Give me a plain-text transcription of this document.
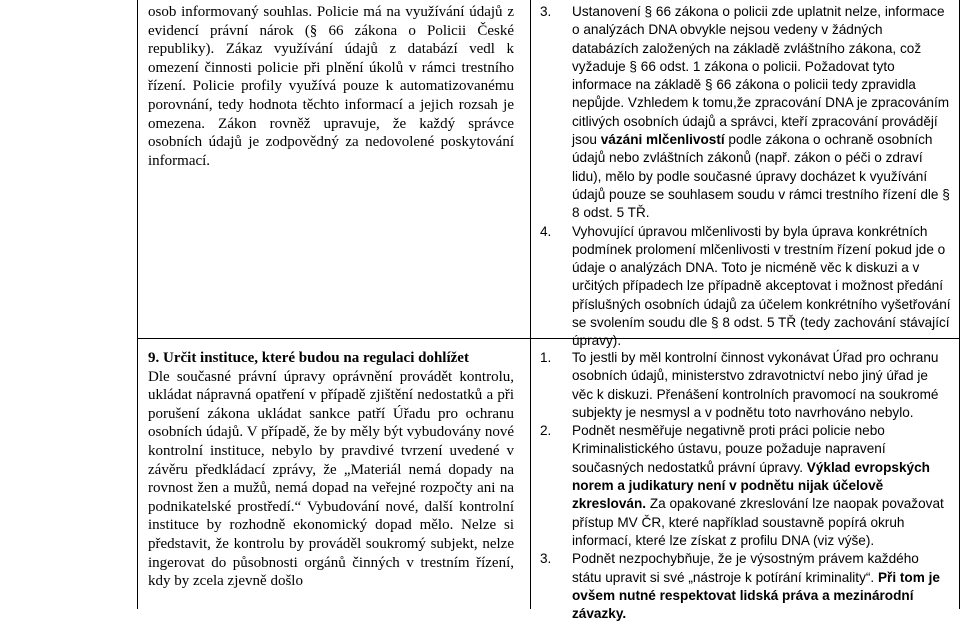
osob informovaný souhlas. Policie má na využívání údajů z evidencí právní nárok (§ 66 zákona o Policii České republiky). Zákaz využívání údajů z databází vedl k omezení činnosti policie při plnění úkolů v rámci trestního řízení. Policie profily využívá pouze k automatizovanému porovnání, tedy hodnota těchto informací a jejich rozsah je omezena. Zákon rovněž upravuje, že každý správce osobních údajů je zodpovědný za nedovolené poskytování informací.

3. Ustanovení § 66 zákona o policii zde uplatnit nelze, informace o analýzách DNA obvykle nejsou vedeny v žádných databázích založených na základě zvláštního zákona, což vyžaduje § 66 odst. 1 zákona o policii. Požadovat tyto informace na základě § 66 zákona o policii tedy zpravidla nepůjde. Vzhledem k tomu,že zpracování DNA je zpracováním citlivých osobních údajů a správci, kteří zpracování provádějí jsou vázáni mlčenlivostí podle zákona o ochraně osobních údajů nebo zvláštních zákonů (např. zákon o péči o zdraví lidu), mělo by podle současné úpravy docházet k využívání údajů pouze se souhlasem soudu v rámci trestního řízení dle § 8 odst. 5 TŘ.
4. Vyhovující úpravou mlčenlivosti by byla úprava konkrétních podmínek prolomení mlčenlivosti v trestním řízení pokud jde o údaje o analýzách DNA. Toto je nicméně věc k diskuzi a v určitých případech lze případně akceptovat i možnost předání příslušných osobních údajů za účelem konkrétního vyšetřování se svolením soudu dle § 8 odst. 5 TŘ (tedy zachování stávající úpravy).

9. Určit instituce, které budou na regulaci dohlížet

Dle současné právní úpravy oprávnění provádět kontrolu, ukládat nápravná opatření v případě zjištění nedostatků a při porušení zákona ukládat sankce patří Úřadu pro ochranu osobních údajů. V případě, že by měly být vybudovány nové kontrolní instituce, nebylo by pravdivé tvrzení uvedené v závěru předkládací zprávy, že „Materiál nemá dopady na rovnost žen a mužů, nemá dopad na veřejné rozpočty ani na podnikatelské prostředí.“ Vybudování nové, další kontrolní instituce by rozhodně ekonomický dopad mělo. Nelze si představit, že kontrolu by prováděl soukromý subjekt, nelze ingerovat do působnosti orgánů činných v trestním řízení, kdy by zcela zjevně došlo

1. To jestli by měl kontrolní činnost vykonávat Úřad pro ochranu osobních údajů, ministerstvo zdravotnictví nebo jiný úřad je věc k diskuzi. Přenášení kontrolních pravomocí na soukromé subjekty je nesmysl a v podnětu toto navrhováno nebylo.
2. Podnět nesměřuje negativně proti práci policie nebo Kriminalistického ústavu, pouze požaduje napravení současných nedostatků právní úpravy. Výklad evropských norem a judikatury není v podnětu nijak účelově zkreslován. Za opakované zkreslování lze naopak považovat přístup MV ČR, které například soustavně popírá okruh informací, které lze získat z profilu DNA (viz výše).
3. Podnět nezpochybňuje, že je výsostným právem každého státu upravit si své „nástroje k potírání kriminality“. Při tom je ovšem nutné respektovat lidská práva a mezinárodní závazky.
